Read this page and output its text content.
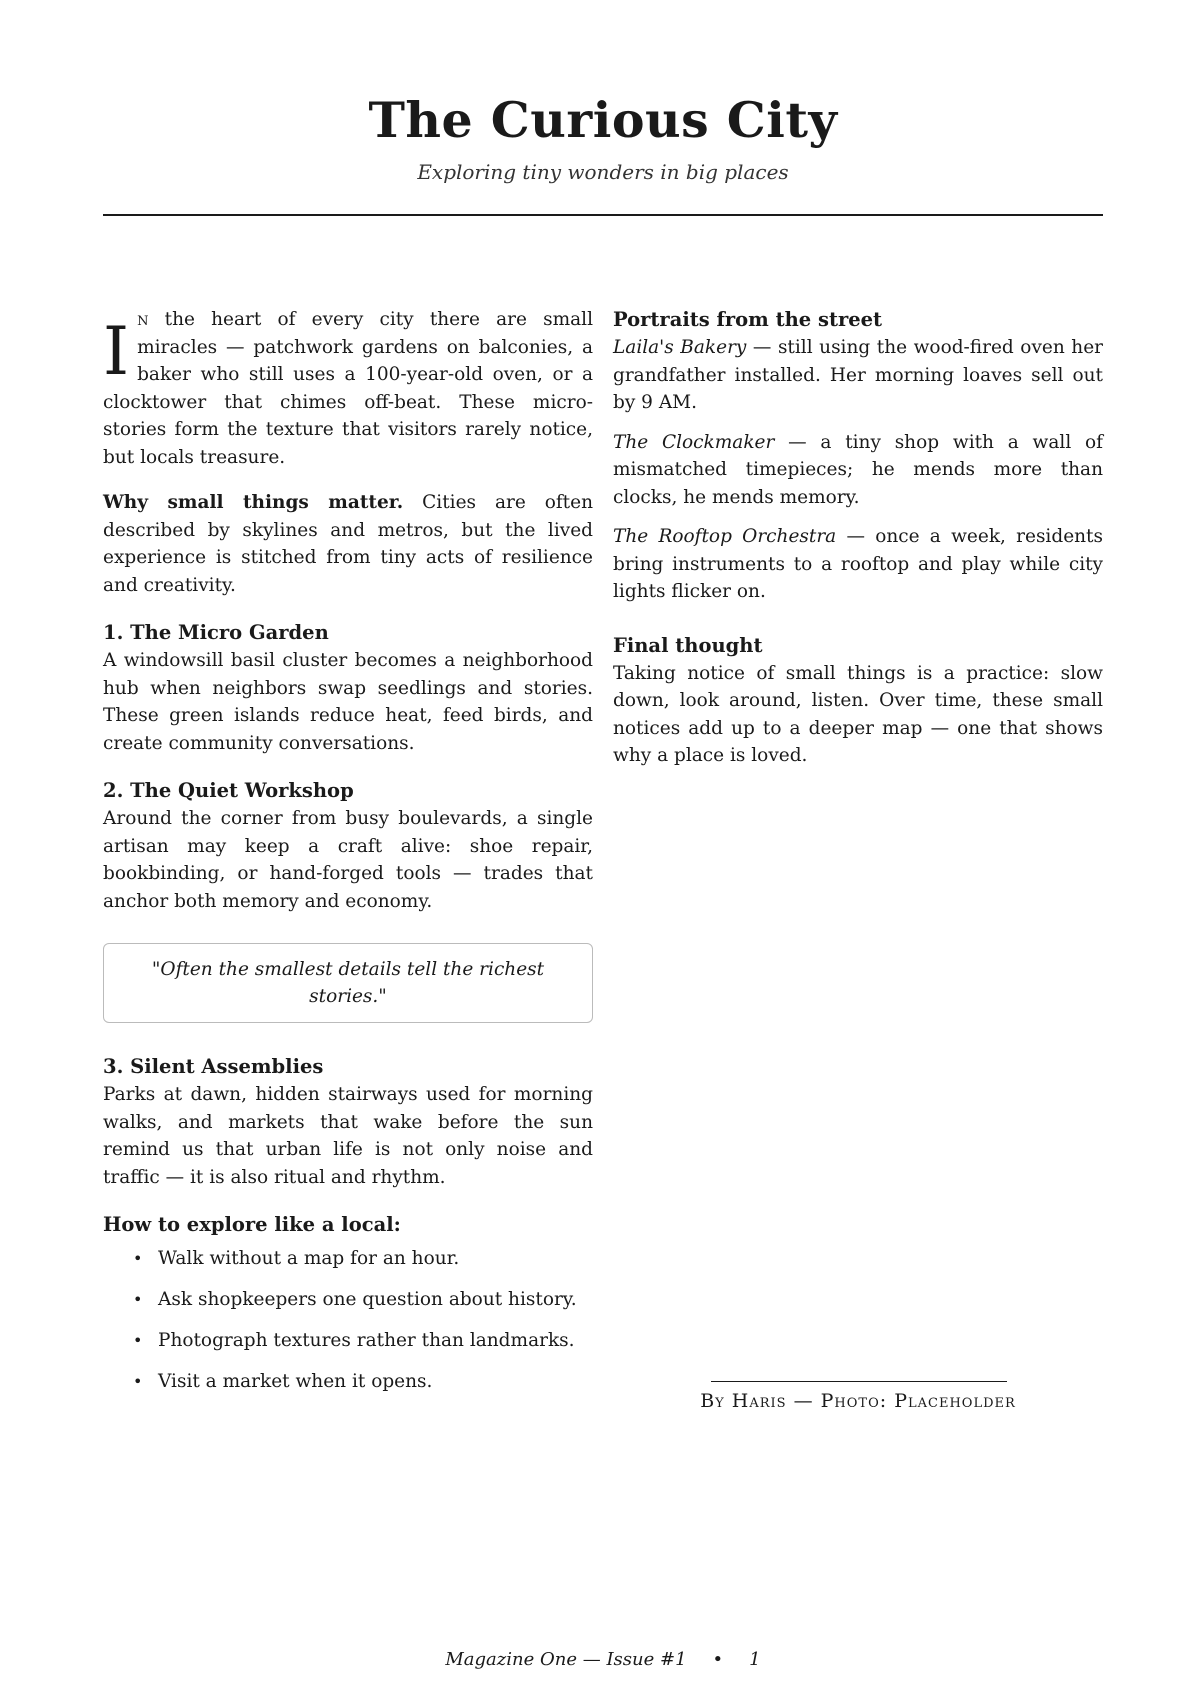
The Curious City
Exploring tiny wonders in big places

In the heart of every city there are small miracles — patchwork gardens on balconies, a baker who still uses a 100-year-old oven, or a clocktower that chimes off-beat. These micro-stories form the texture that visitors rarely notice, but locals treasure.

Why small things matter. Cities are often described by skylines and metros, but the lived experience is stitched from tiny acts of resilience and creativity.

1. The Micro Garden

A windowsill basil cluster becomes a neighborhood hub when neighbors swap seedlings and stories. These green islands reduce heat, feed birds, and create community conversations.

2. The Quiet Workshop

Around the corner from busy boulevards, a single artisan may keep a craft alive: shoe repair, bookbinding, or hand-forged tools — trades that anchor both memory and economy.

"Often the smallest details tell the richest stories."
3. Silent Assemblies

Parks at dawn, hidden stairways used for morning walks, and markets that wake before the sun remind us that urban life is not only noise and traffic — it is also ritual and rhythm.

How to explore like a local:
• Walk without a map for an hour.
• Ask shopkeepers one question about history.
• Photograph textures rather than landmarks.
• Visit a market when it opens.
Portraits from the street

Laila's Bakery — still using the wood-fired oven her grandfather installed. Her morning loaves sell out by 9 AM.

The Clockmaker — a tiny shop with a wall of mismatched timepieces; he mends more than clocks, he mends memory.

The Rooftop Orchestra — once a week, residents bring instruments to a rooftop and play while city lights flicker on.

Final thought

Taking notice of small things is a practice: slow down, look around, listen. Over time, these small notices add up to a deeper map — one that shows why a place is loved.

By Haris — Photo: Placeholder
Magazine One — Issue #1 • 1
